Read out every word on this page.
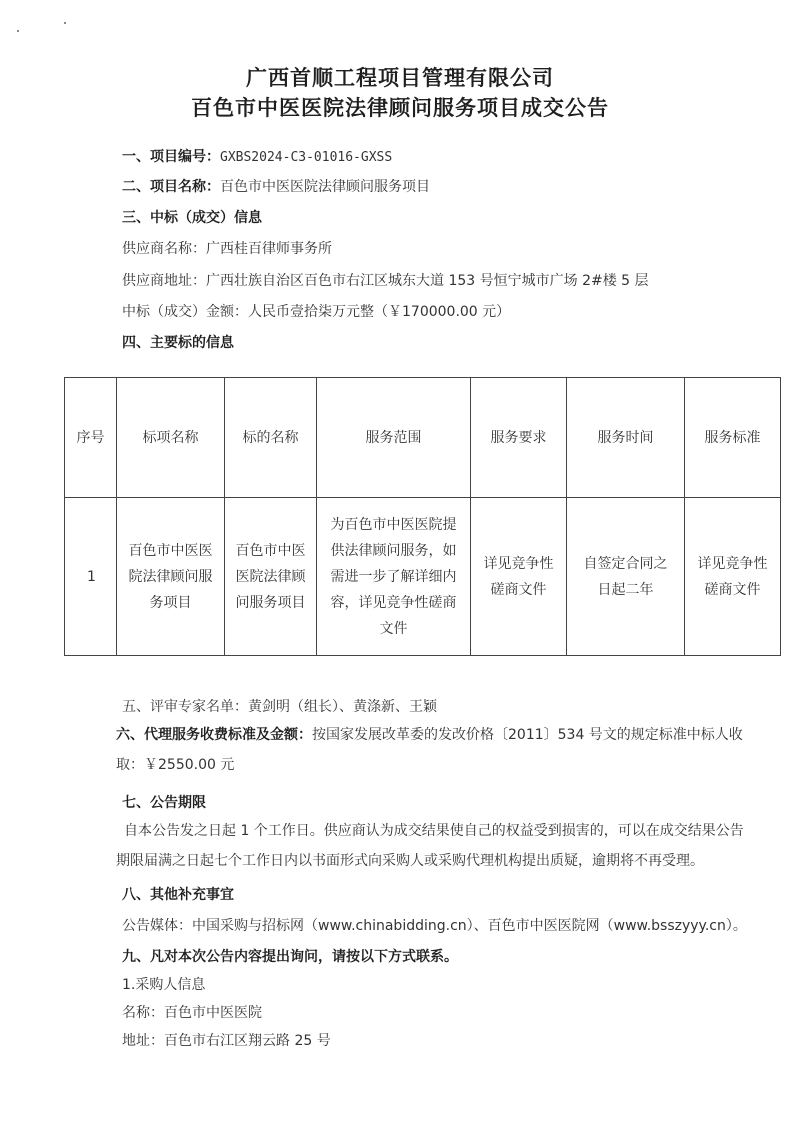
广西首顺工程项目管理有限公司
百色市中医医院法律顾问服务项目成交公告
一、项目编号：GXBS2024-C3-01016-GXSS
二、项目名称：百色市中医医院法律顾问服务项目
三、中标（成交）信息
供应商名称：广西桂百律师事务所
供应商地址：广西壮族自治区百色市右江区城东大道 153 号恒宁城市广场 2#楼 5 层
中标（成交）金额：人民币壹拾柒万元整（￥170000.00 元）
四、主要标的信息
序号	标项名称	标的名称	服务范围	服务要求	服务时间	服务标准
1	百色市中医医院法律顾问服务项目	百色市中医医院法律顾问服务项目	为百色市中医医院提供法律顾问服务，如需进一步了解详细内容，详见竞争性磋商文件	详见竞争性磋商文件	自签定合同之日起二年	详见竞争性磋商文件
五、评审专家名单：黄剑明（组长）、黄涤新、王颖
六、代理服务收费标准及金额：按国家发展改革委的发改价格〔2011〕534 号文的规定标准中标人收取：￥2550.00 元
七、公告期限
自本公告发之日起 1 个工作日。供应商认为成交结果使自己的权益受到损害的，可以在成交结果公告期限届满之日起七个工作日内以书面形式向采购人或采购代理机构提出质疑，逾期将不再受理。
八、其他补充事宜
公告媒体：中国采购与招标网（www.chinabidding.cn）、百色市中医医院网（www.bsszyyy.cn）。
九、凡对本次公告内容提出询问，请按以下方式联系。
1.采购人信息
名称：百色市中医医院
地址：百色市右江区翔云路 25 号
